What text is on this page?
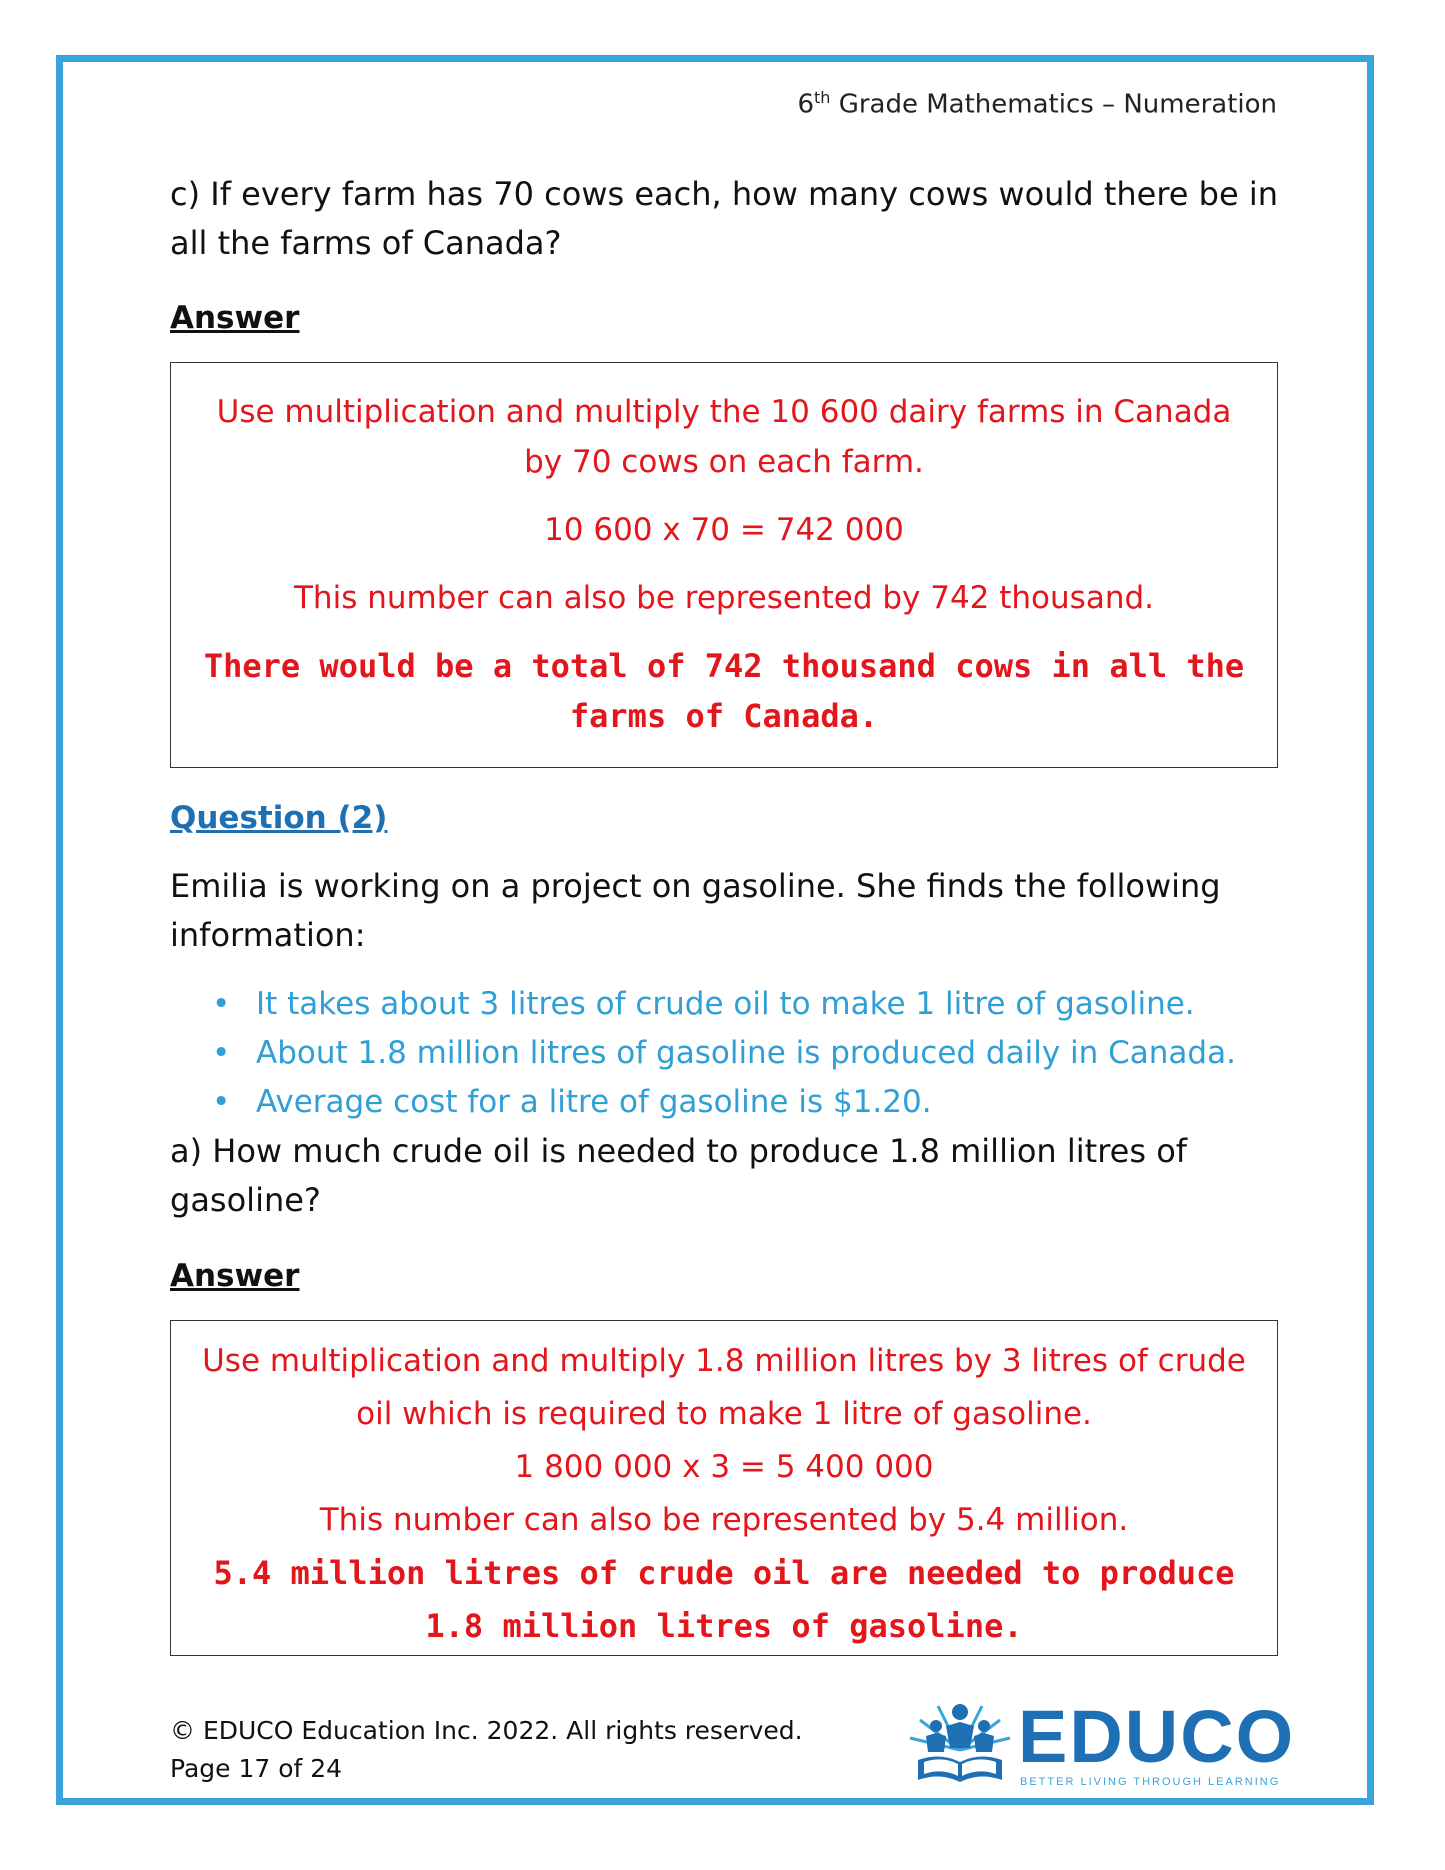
6th Grade Mathematics – Numeration
c) If every farm has 70 cows each, how many cows would there be in all the farms of Canada?
Answer

Use multiplication and multiply the 10 600 dairy farms in Canada by 70 cows on each farm.

10 600 x 70 = 742 000

This number can also be represented by 742 thousand.

There would be a total of 742 thousand cows in all the farms of Canada.

Question (2)
Emilia is working on a project on gasoline. She finds the following information:
• It takes about 3 litres of crude oil to make 1 litre of gasoline.
• About 1.8 million litres of gasoline is produced daily in Canada.
• Average cost for a litre of gasoline is $1.20.
a) How much crude oil is needed to produce 1.8 million litres of gasoline?
Answer

Use multiplication and multiply 1.8 million litres by 3 litres of crude oil which is required to make 1 litre of gasoline.

1 800 000 x 3 = 5 400 000

This number can also be represented by 5.4 million.

5.4 million litres of crude oil are needed to produce 1.8 million litres of gasoline.

© EDUCO Education Inc. 2022. All rights reserved.
Page 17 of 24	EDUCO
BETTER LIVING THROUGH LEARNING
